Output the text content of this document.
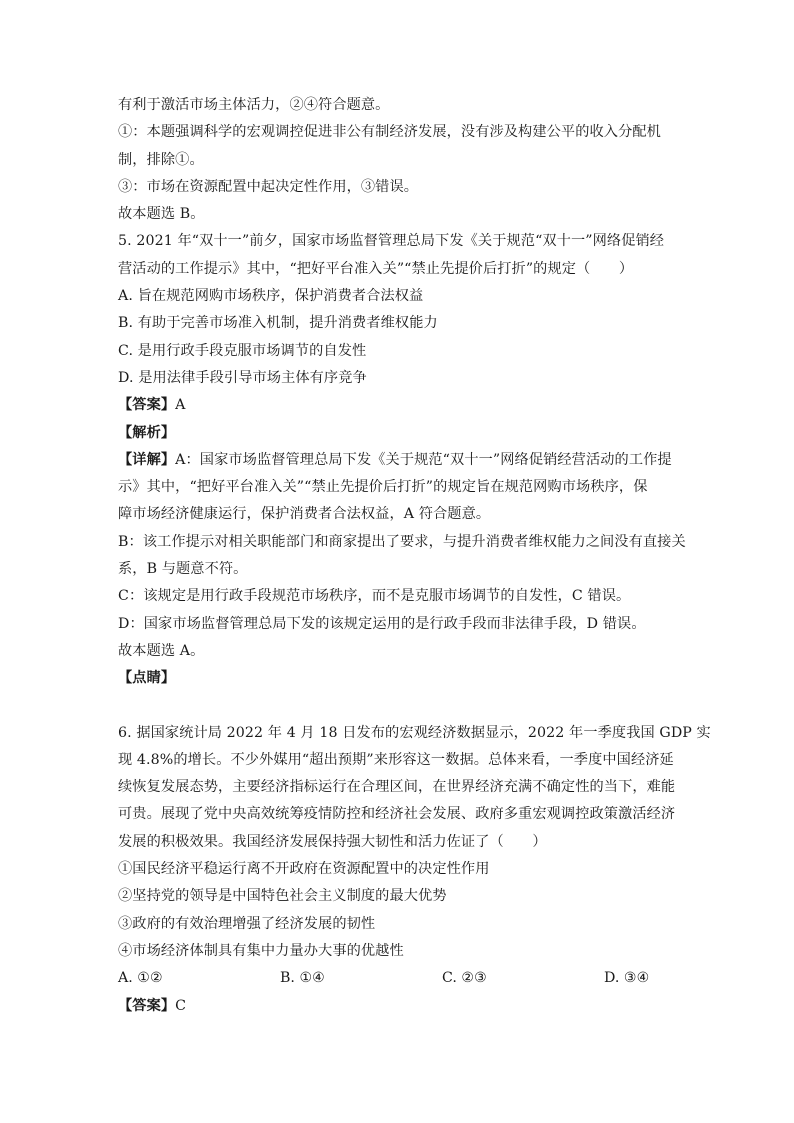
有利于激活市场主体活力，②④符合题意。
①：本题强调科学的宏观调控促进非公有制经济发展，没有涉及构建公平的收入分配机
制，排除①。
③：市场在资源配置中起决定性作用，③错误。
故本题选 B。
5. 2021 年“双十一”前夕，国家市场监督管理总局下发《关于规范“双十一”网络促销经
营活动的工作提示》其中，“把好平台准入关”“禁止先提价后打折”的规定（　　）
A. 旨在规范网购市场秩序，保护消费者合法权益
B. 有助于完善市场准入机制，提升消费者维权能力
C. 是用行政手段克服市场调节的自发性
D. 是用法律手段引导市场主体有序竞争
【答案】A
【解析】
【详解】A：国家市场监督管理总局下发《关于规范“双十一”网络促销经营活动的工作提
示》其中，“把好平台准入关”“禁止先提价后打折”的规定旨在规范网购市场秩序，保
障市场经济健康运行，保护消费者合法权益，A 符合题意。
B：该工作提示对相关职能部门和商家提出了要求，与提升消费者维权能力之间没有直接关
系，B 与题意不符。
C：该规定是用行政手段规范市场秩序，而不是克服市场调节的自发性，C 错误。
D：国家市场监督管理总局下发的该规定运用的是行政手段而非法律手段，D 错误。
故本题选 A。
【点睛】
6. 据国家统计局 2022 年 4 月 18 日发布的宏观经济数据显示，2022 年一季度我国 GDP 实
现 4.8%的增长。不少外媒用“超出预期”来形容这一数据。总体来看，一季度中国经济延
续恢复发展态势，主要经济指标运行在合理区间，在世界经济充满不确定性的当下，难能
可贵。展现了党中央高效统筹疫情防控和经济社会发展、政府多重宏观调控政策激活经济
发展的积极效果。我国经济发展保持强大韧性和活力佐证了（　　）
①国民经济平稳运行离不开政府在资源配置中的决定性作用
②坚持党的领导是中国特色社会主义制度的最大优势
③政府的有效治理增强了经济发展的韧性
④市场经济体制具有集中力量办大事的优越性
A. ①②	B. ①④	C. ②③	D. ③④
【答案】C
